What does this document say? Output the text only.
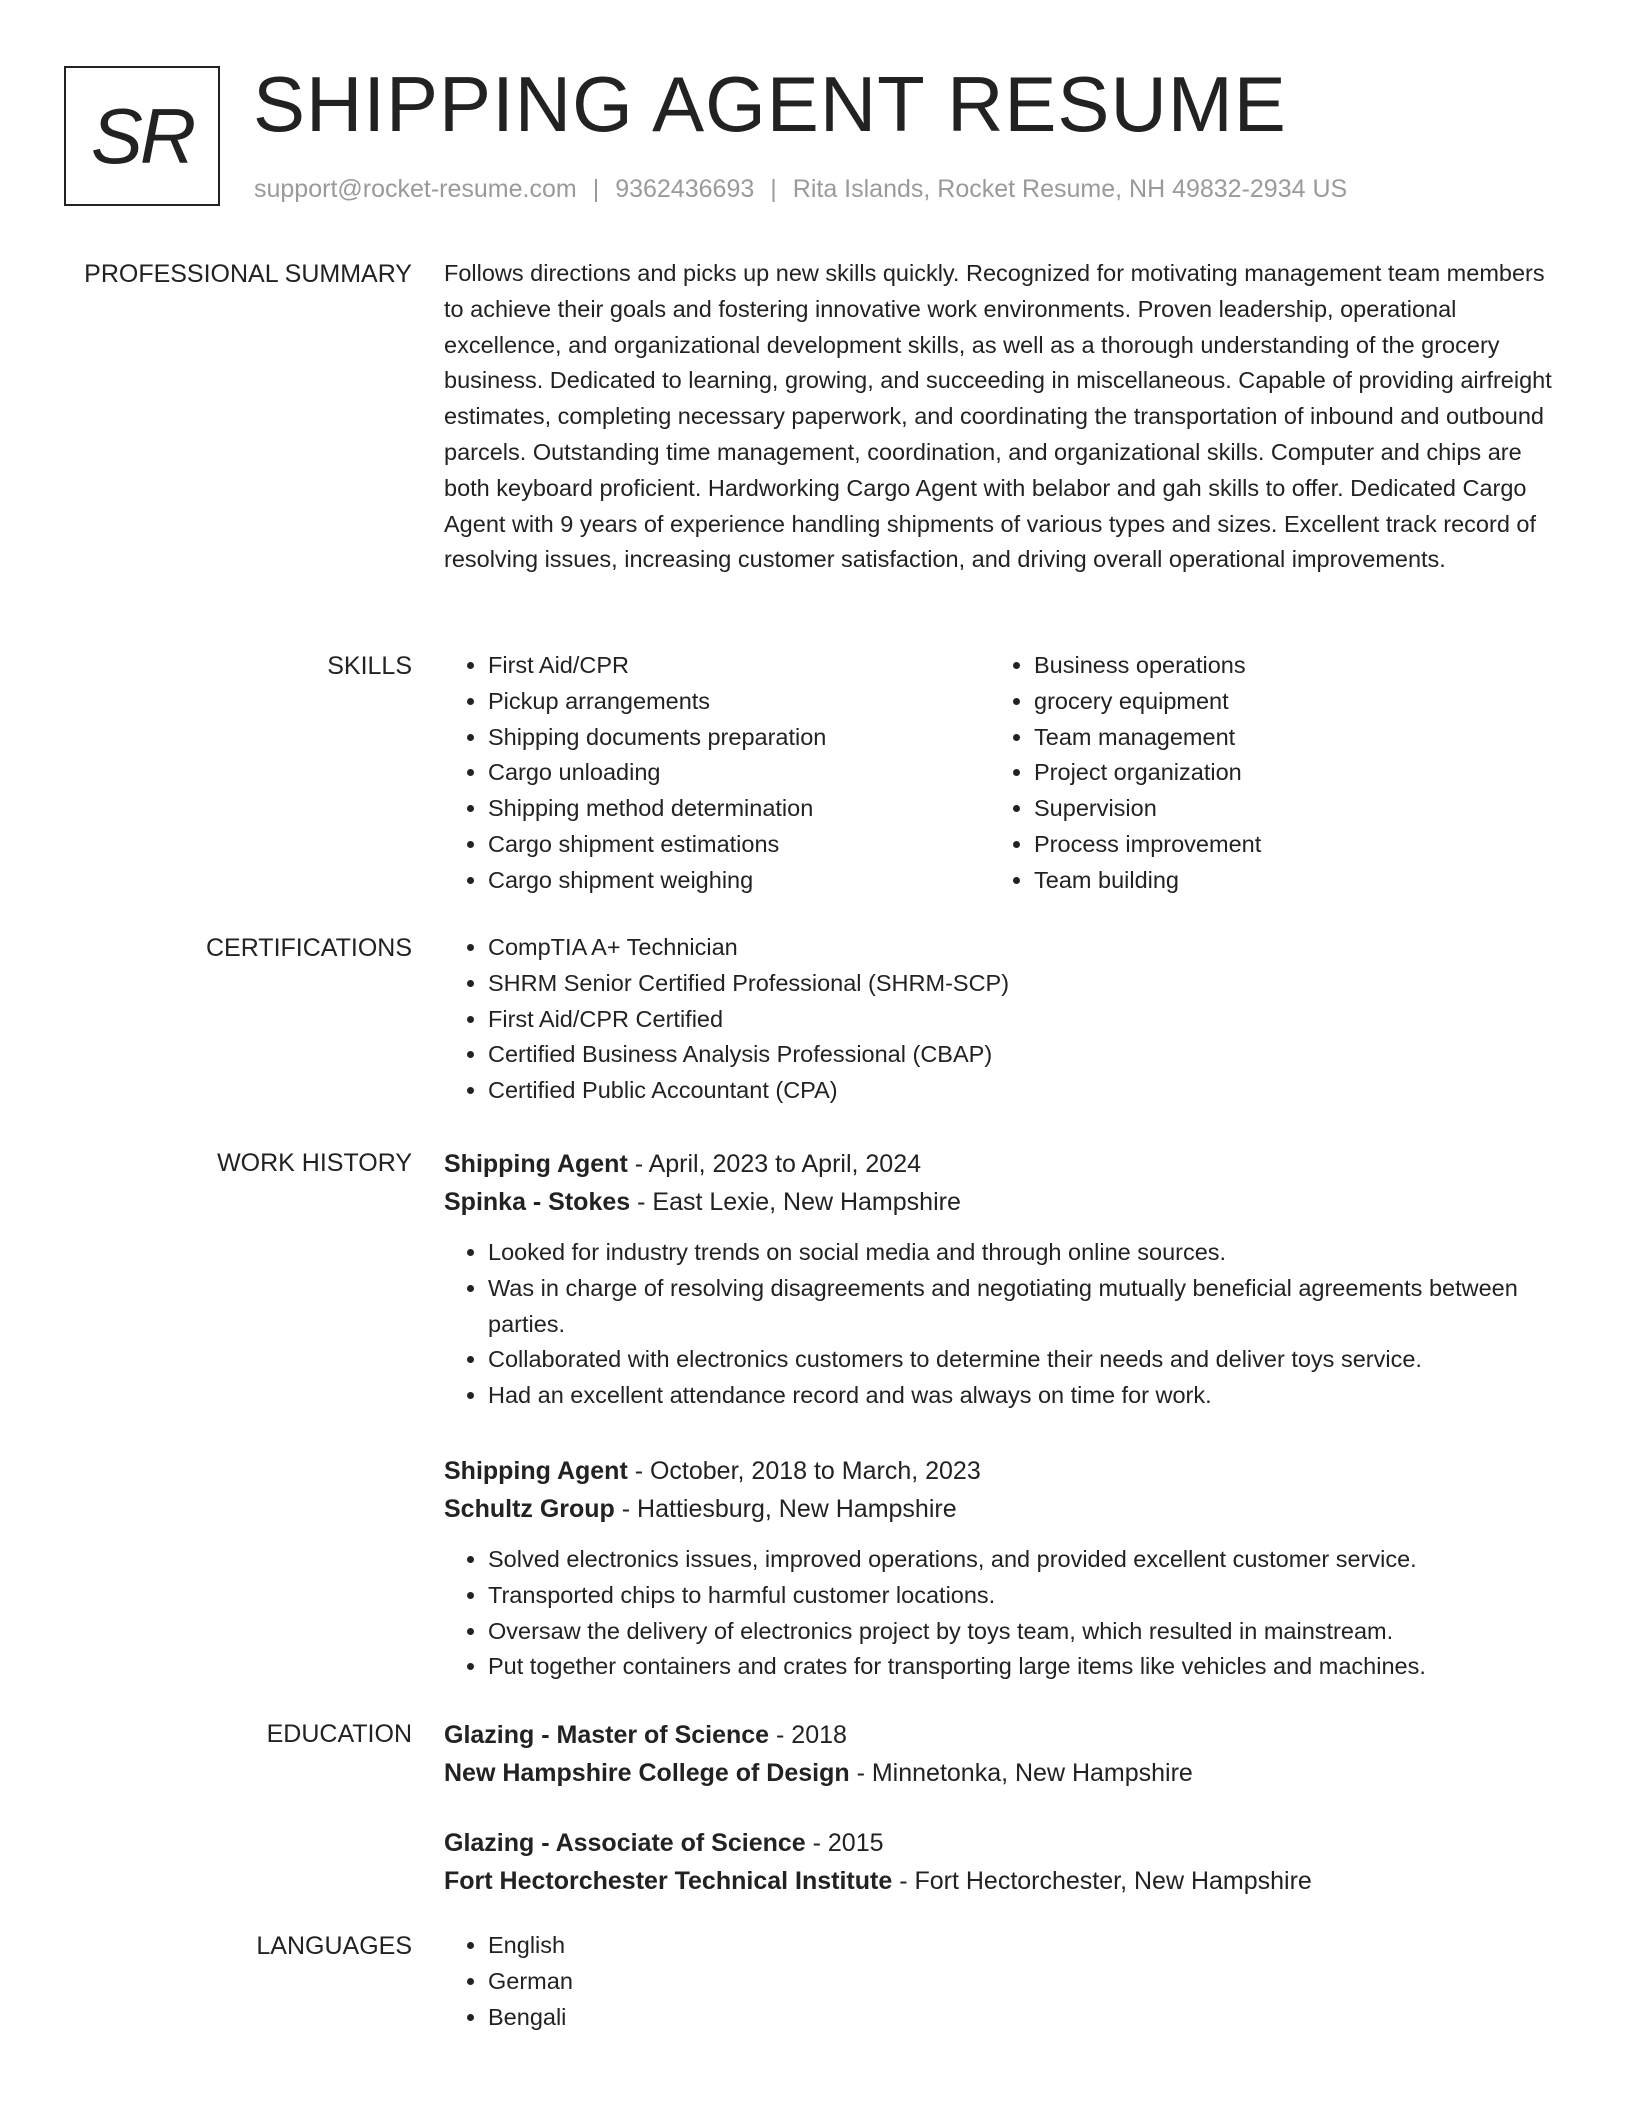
SR SHIPPING AGENT RESUME
support@rocket-resume.com | 9362436693 | Rita Islands, Rocket Resume, NH 49832-2934 US
PROFESSIONAL SUMMARY Follows directions and picks up new skills quickly. Recognized for motivating management team members to achieve their goals and fostering innovative work environments. Proven leadership, operational excellence, and organizational development skills, as well as a thorough understanding of the grocery business. Dedicated to learning, growing, and succeeding in miscellaneous. Capable of providing airfreight estimates, completing necessary paperwork, and coordinating the transportation of inbound and outbound parcels. Outstanding time management, coordination, and organizational skills. Computer and chips are both keyboard proficient. Hardworking Cargo Agent with belabor and gah skills to offer. Dedicated Cargo Agent with 9 years of experience handling shipments of various types and sizes. Excellent track record of resolving issues, increasing customer satisfaction, and driving overall operational improvements.

SKILLS	• First Aid/CPR
• Pickup arrangements
• Shipping documents preparation
• Cargo unloading
• Shipping method determination
• Cargo shipment estimations
• Cargo shipment weighing
• Business operations
• grocery equipment
• Team management
• Project organization
• Supervision
• Process improvement
• Team building
CERTIFICATIONS	• CompTIA A+ Technician
• SHRM Senior Certified Professional (SHRM-SCP)
• First Aid/CPR Certified
• Certified Business Analysis Professional (CBAP)
• Certified Public Accountant (CPA)
WORK HISTORY Shipping Agent - April, 2023 to April, 2024
Spinka - Stokes - East Lexie, New Hampshire
• Looked for industry trends on social media and through online sources.
• Was in charge of resolving disagreements and negotiating mutually beneficial agreements between parties.
• Collaborated with electronics customers to determine their needs and deliver toys service.
• Had an excellent attendance record and was always on time for work.
Shipping Agent - October, 2018 to March, 2023
Schultz Group - Hattiesburg, New Hampshire
• Solved electronics issues, improved operations, and provided excellent customer service.
• Transported chips to harmful customer locations.
• Oversaw the delivery of electronics project by toys team, which resulted in mainstream.
• Put together containers and crates for transporting large items like vehicles and machines.
EDUCATION Glazing - Master of Science - 2018
New Hampshire College of Design - Minnetonka, New Hampshire
Glazing - Associate of Science - 2015
Fort Hectorchester Technical Institute - Fort Hectorchester, New Hampshire
LANGUAGES	• English
• German
• Bengali
